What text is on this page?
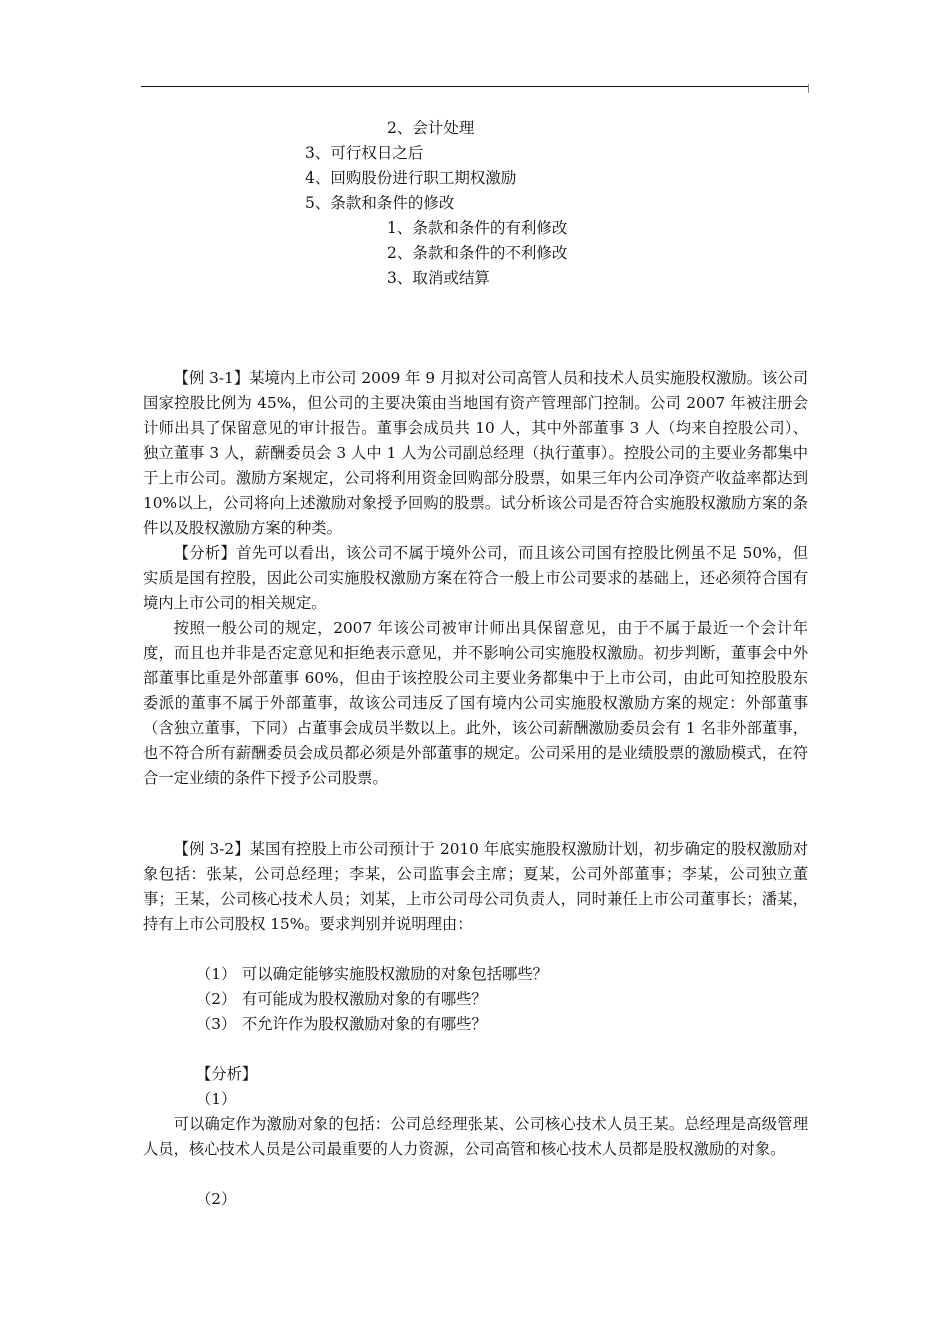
2、会计处理
3、可行权日之后
4、回购股份进行职工期权激励
5、条款和条件的修改
1、条款和条件的有利修改
2、条款和条件的不利修改
3、取消或结算

【例 3-1】某境内上市公司 2009 年 9 月拟对公司高管人员和技术人员实施股权激励。该公司国家控股比例为 45%，但公司的主要决策由当地国有资产管理部门控制。公司 2007 年被注册会计师出具了保留意见的审计报告。董事会成员共 10 人，其中外部董事 3 人（均来自控股公司）、独立董事 3 人，薪酬委员会 3 人中 1 人为公司副总经理（执行董事）。控股公司的主要业务都集中于上市公司。激励方案规定，公司将利用资金回购部分股票，如果三年内公司净资产收益率都达到 10%以上，公司将向上述激励对象授予回购的股票。试分析该公司是否符合实施股权激励方案的条件以及股权激励方案的种类。

【分析】首先可以看出，该公司不属于境外公司，而且该公司国有控股比例虽不足 50%，但实质是国有控股，因此公司实施股权激励方案在符合一般上市公司要求的基础上，还必须符合国有境内上市公司的相关规定。

按照一般公司的规定，2007 年该公司被审计师出具保留意见，由于不属于最近一个会计年度，而且也并非是否定意见和拒绝表示意见，并不影响公司实施股权激励。初步判断，董事会中外部董事比重是外部董事 60%，但由于该控股公司主要业务都集中于上市公司，由此可知控股股东委派的董事不属于外部董事，故该公司违反了国有境内公司实施股权激励方案的规定：外部董事（含独立董事，下同）占董事会成员半数以上。此外，该公司薪酬激励委员会有 1 名非外部董事，也不符合所有薪酬委员会成员都必须是外部董事的规定。公司采用的是业绩股票的激励模式，在符合一定业绩的条件下授予公司股票。

【例 3-2】某国有控股上市公司预计于 2010 年底实施股权激励计划，初步确定的股权激励对象包括：张某，公司总经理；李某，公司监事会主席；夏某，公司外部董事；李某，公司独立董事；王某，公司核心技术人员；刘某，上市公司母公司负责人，同时兼任上市公司董事长；潘某，持有上市公司股权 15%。要求判别并说明理由：

（1） 可以确定能够实施股权激励的对象包括哪些？
（2） 有可能成为股权激励对象的有哪些？
（3） 不允许作为股权激励对象的有哪些？
【分析】
（1）

可以确定作为激励对象的包括：公司总经理张某、公司核心技术人员王某。总经理是高级管理人员，核心技术人员是公司最重要的人力资源，公司高管和核心技术人员都是股权激励的对象。

（2）
